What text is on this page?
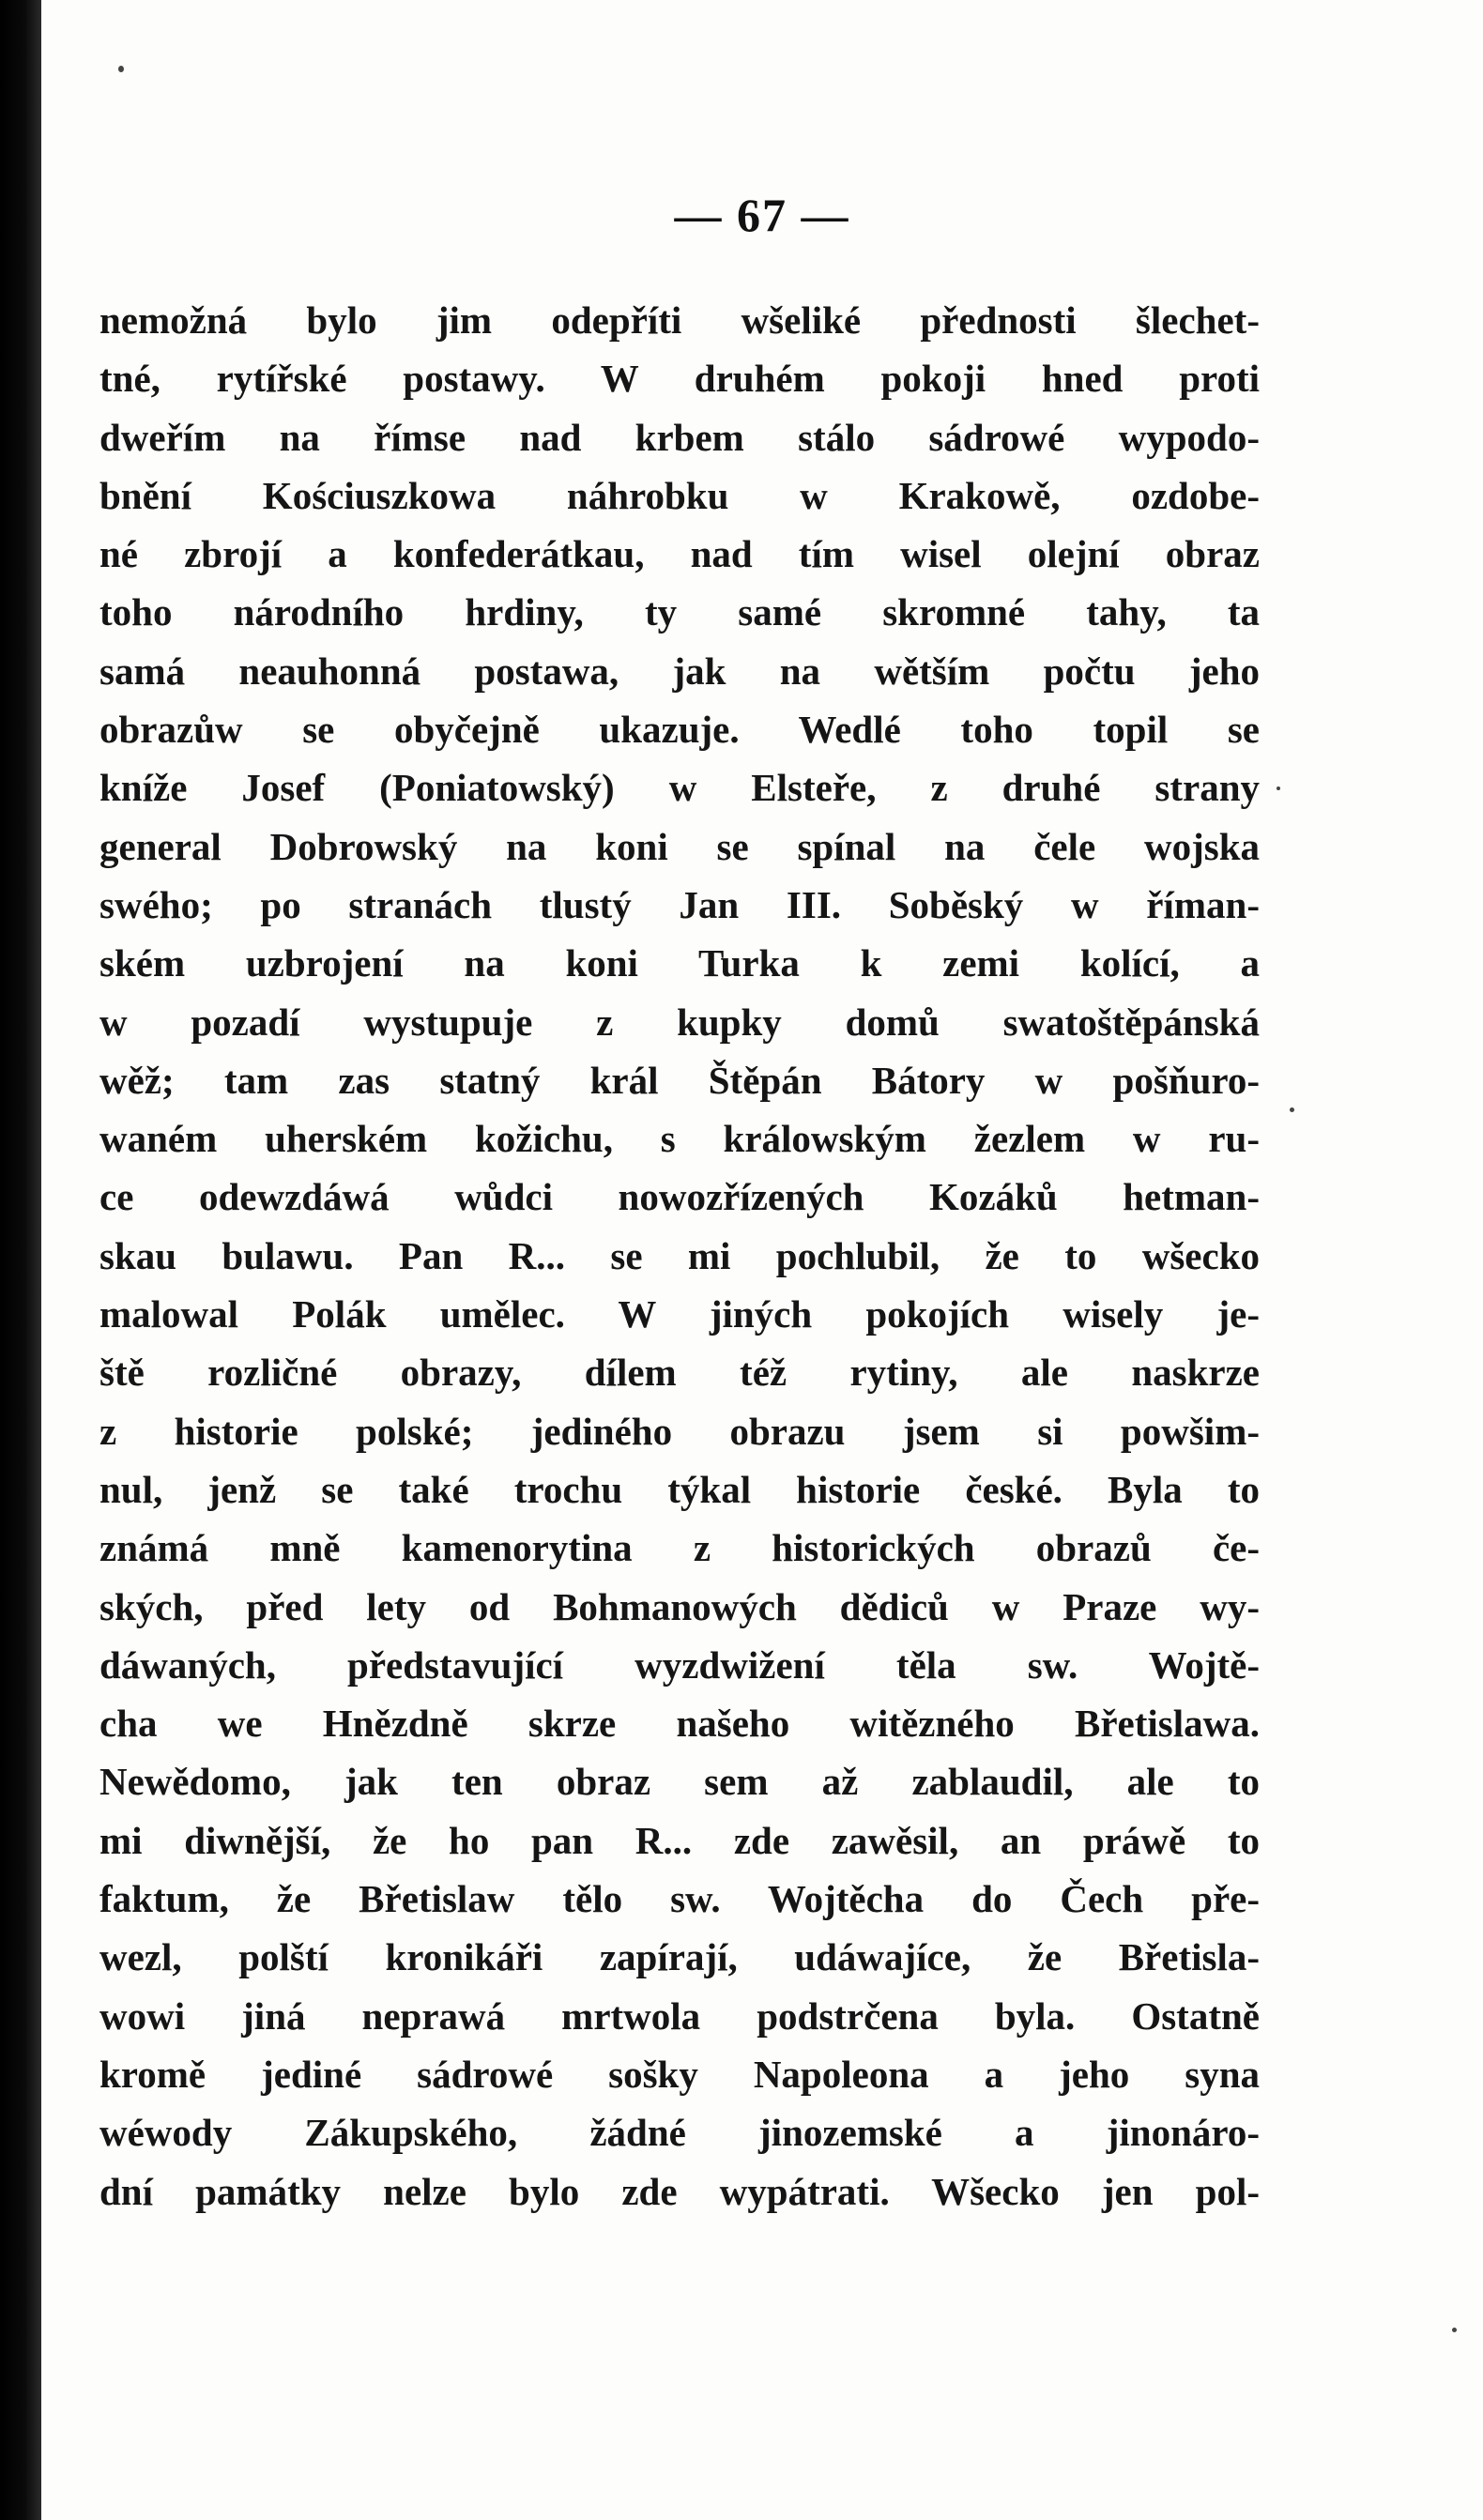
— 67 —
nemožná bylo jim odepříti wšeliké přednosti šlechet-
tné, rytířské postawy. W druhém pokoji hned proti
dweřím na římse nad krbem stálo sádrowé wypodo-
bnění Kościuszkowa náhrobku w Krakowě, ozdobe-
né zbrojí a konfederátkau, nad tím wisel olejní obraz
toho národního hrdiny, ty samé skromné tahy, ta
samá neauhonná postawa, jak na wětším počtu jeho
obrazůw se obyčejně ukazuje. Wedlé toho topil se
kníže Josef (Poniatowský) w Elsteře, z druhé strany
general Dobrowský na koni se spínal na čele wojska
swého; po stranách tlustý Jan III. Soběský w říman-
ském uzbrojení na koni Turka k zemi kolící, a
w pozadí wystupuje z kupky domů swatoštěpánská
wěž; tam zas statný král Štěpán Bátory w pošňuro-
waném uherském kožichu, s králowským žezlem w ru-
ce odewzdáwá wůdci nowozřízených Kozáků hetman-
skau bulawu. Pan R... se mi pochlubil, že to wšecko
malowal Polák umělec. W jiných pokojích wisely je-
ště rozličné obrazy, dílem též rytiny, ale naskrze
z historie polské; jediného obrazu jsem si powšim-
nul, jenž se také trochu týkal historie české. Byla to
známá mně kamenorytina z historických obrazů če-
ských, před lety od Bohmanowých dědiců w Praze wy-
dáwaných, představující wyzdwižení těla sw. Wojtě-
cha we Hnězdně skrze našeho witězného Břetislawa.
Newědomo, jak ten obraz sem až zablaudil, ale to
mi diwnější, že ho pan R... zde zawěsil, an práwě to
faktum, že Břetislaw tělo sw. Wojtěcha do Čech pře-
wezl, polští kronikáři zapírají, udáwajíce, že Břetisla-
wowi jiná neprawá mrtwola podstrčena byla. Ostatně
kromě jediné sádrowé sošky Napoleona a jeho syna
wéwody Zákupského, žádné jinozemské a jinonáro-
dní památky nelze bylo zde wypátrati. Wšecko jen pol-
